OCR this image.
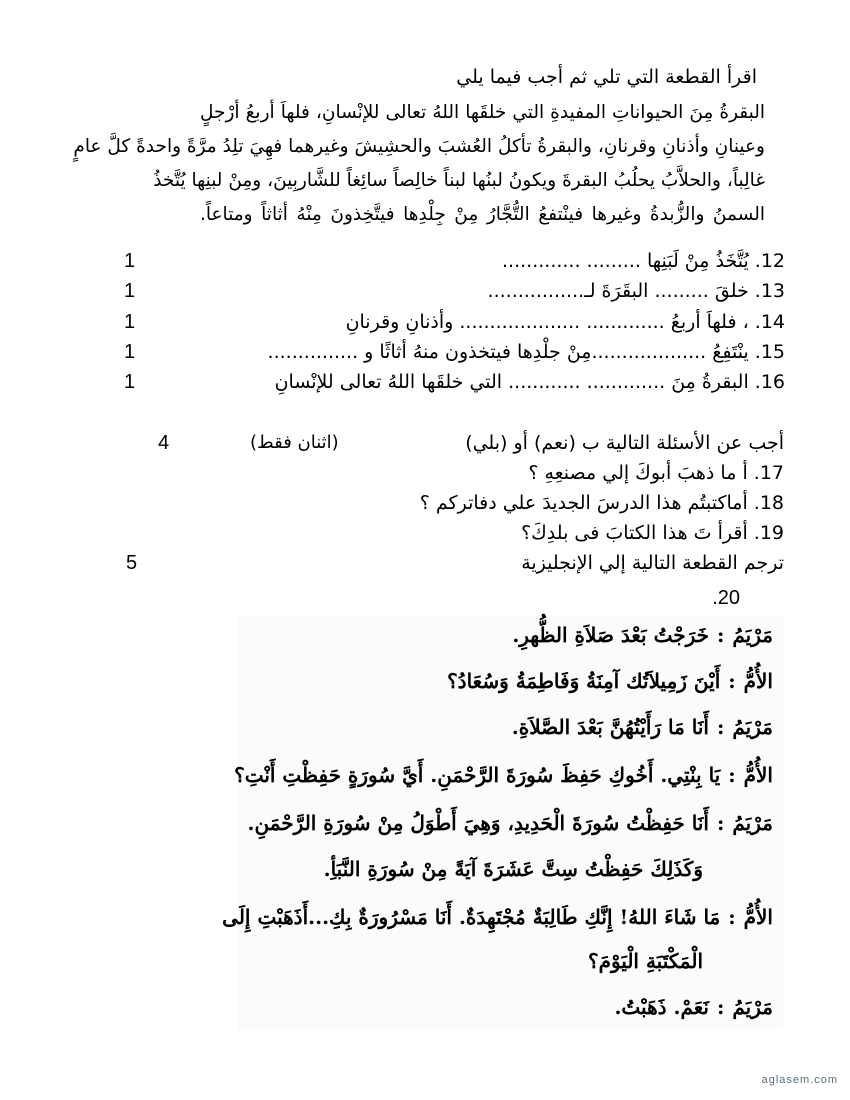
اقرأ القطعة التي تلي ثم أجب فيما يلي
البقرةُ مِنَ الحيواناتِ المفيدةِ التي خلقَها اللهُ تعالى للإنْسانِ، فلهاَ أربعُ أرْجلٍ
وعينانِ وأذنانِ وقرنانِ، والبقرةُ تأكلُ العُشبَ والحشِيشَ وغيرهما فهِيَ تلِدُ مرَّةً واحدةً كلَّ عامٍ
غالِباً، والحلاَّبُ يحلُبُ البقرةَ ويكونُ لبنُها لبناً خالِصاً سائِغاً للشَّاربِينَ، ومِنْ لبنِها يُتَّخذُ
السمنُ والزُّبدةُ وغيرها فينْتفعُ التُّجَّارُ مِنْ جِلْدِها فيتَّخِذونَ مِنْهُ أثاثاً ومتاعاً.
1	12. يُتَّخَذُ مِنْ لَبَنِها ......... .............
1	13. خلقَ ......... البقَرَةَ لـ................
1	14. ، فلهاَ أربعُ ............. .................... وأذنانِ وقرنانِ
1	15. ينْتَفِعُ ...................مِنْ جلْدِها فيتخذون منهُ أثاثًا و ...............
1	16. البقرةُ مِنَ ............. ............ التي خلقَها اللهُ تعالى للإنْسانِ
أجب عن الأسئلة التالية ب (نعم) أو (بلي)
(اثنان فقط)
4
17. أ ما ذهبَ أبوكَ إلي مصنعِهِ ؟
18. أماكتبتُم هذا الدرسَ الجديدَ علي دفاتركم ؟
19. أقرأ تَ هذا الكتابَ فى بلدِكَ؟
ترجم القطعة التالية إلي الإنجليزية
5
.20
مَرْيَمُ:خَرَجْتُ بَعْدَ صَلاَةِ الظُّهرِ.
الأُمُّ:أَيْنَ زَمِيلاَتُك آمِنَةُ وَفَاطِمَةُ وَسُعَادُ؟
مَرْيَمُ:أَنَا مَا رَأَيْتُهُنَّ بَعْدَ الصَّلاَةِ.
الأُمُّ:يَا بِنْتِي. أَخُوكِ حَفِظَ سُورَةَ الرَّحْمَنِ. أَيَّ سُورَةٍ حَفِظْتِ أَنْتِ؟
مَرْيَمُ:أَنَا حَفِظْتُ سُورَةَ الْحَدِيدِ، وَهِيَ أَطْوَلُ مِنْ سُورَةِ الرَّحْمَنِ.
وَكَذَلِكَ حَفِظْتُ سِتَّ عَشَرَةَ آيَةً مِنْ سُورَةِ النَّبَأِ.
الأُمُّ:مَا شَاءَ اللهُ! إِنَّكِ طَالِبَةٌ مُجْتَهِدَةٌ. أَنَا مَسْرُورَةٌ بِكِ...أَذَهَبْتِ إِلَى
الْمَكْتَبَةِ الْيَوْمَ؟
مَرْيَمُ:نَعَمْ. ذَهَبْتُ.
aglasem.com
